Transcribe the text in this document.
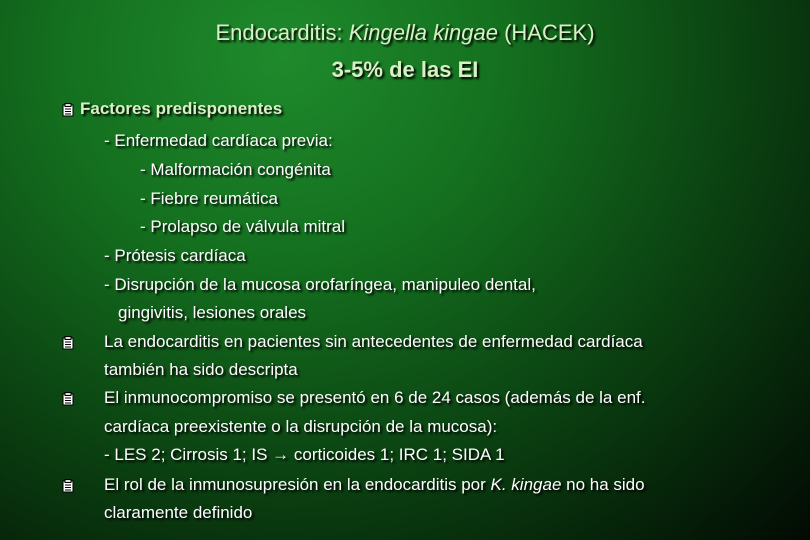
Endocarditis: Kingella kingae (HACEK)
3-5% de las EI
Factores predisponentes
- Enfermedad cardíaca previa:
- Malformación congénita
- Fiebre reumática
- Prolapso de válvula mitral
- Prótesis cardíaca
- Disrupción de la mucosa orofaríngea, manipuleo dental,
gingivitis, lesiones orales
La endocarditis en pacientes sin antecedentes de enfermedad cardíaca
también ha sido descripta
El inmunocompromiso se presentó en 6 de 24 casos (además de la enf.
cardíaca preexistente o la disrupción de la mucosa):
- LES 2; Cirrosis 1; IS → corticoides 1; IRC 1; SIDA 1
El rol de la inmunosupresión en la endocarditis por K. kingae no ha sido
claramente definido
